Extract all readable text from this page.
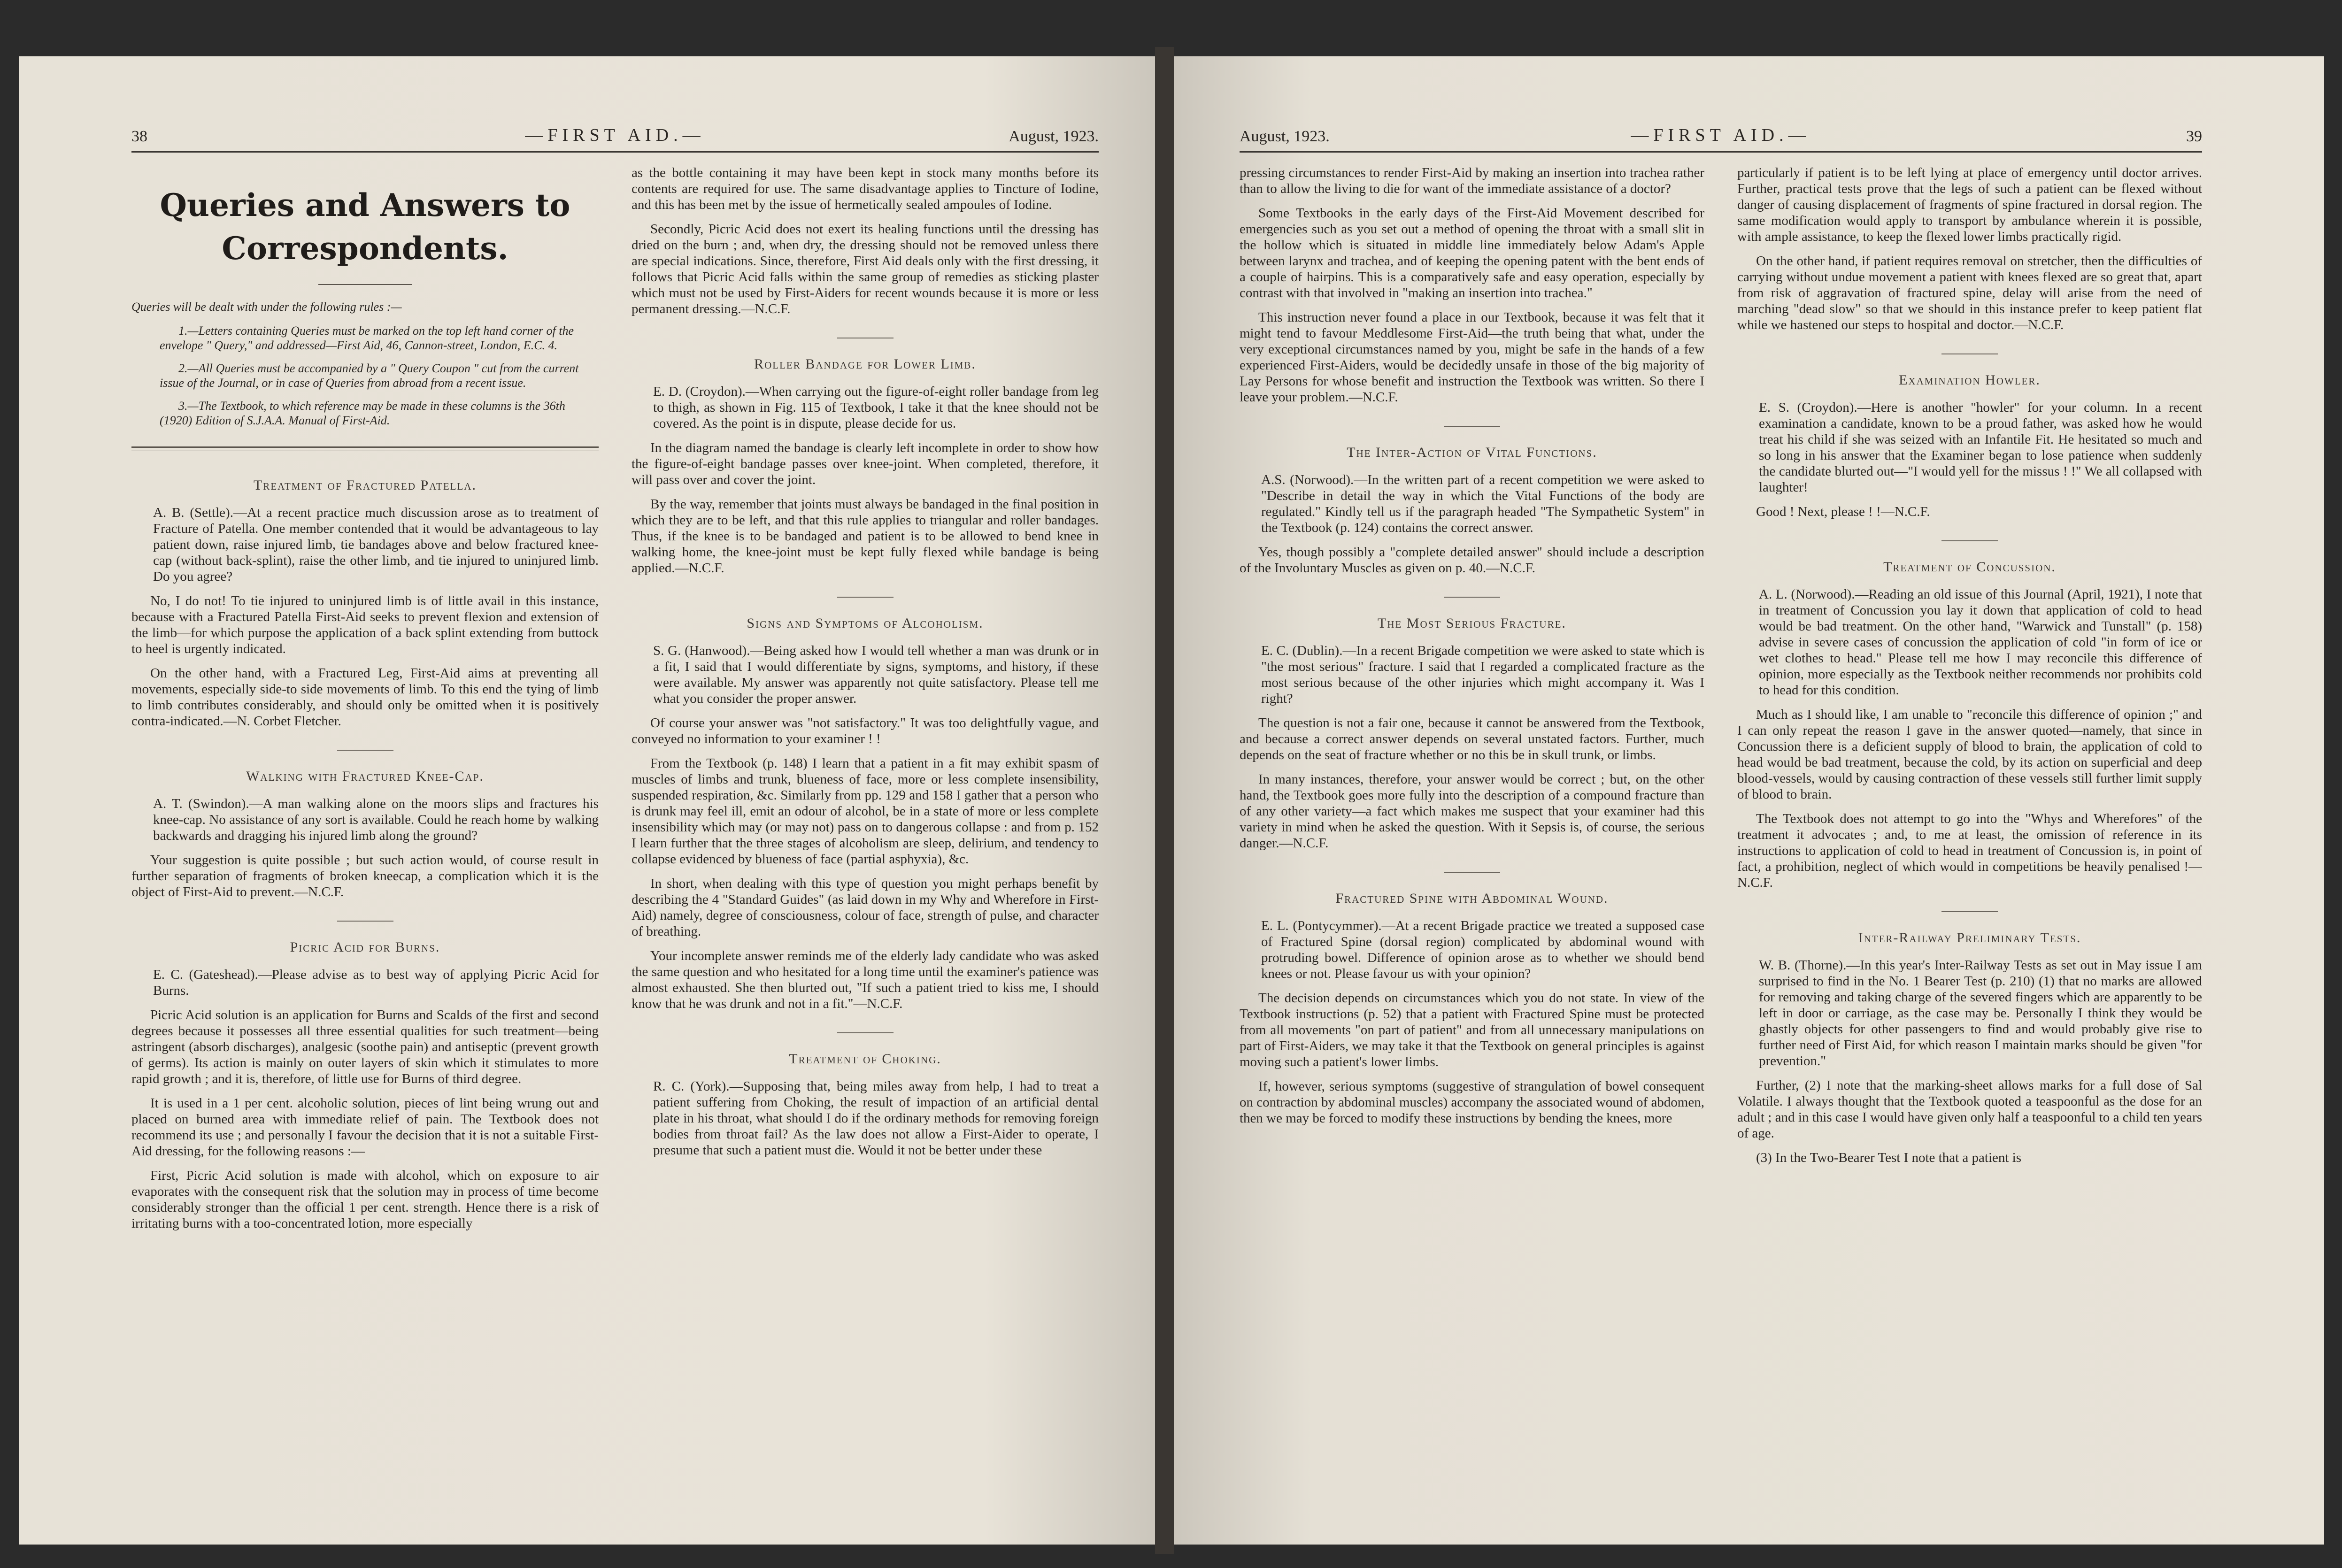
38	—FIRST AID.—	August, 1923.
Queries and Answers to Correspondents.

Queries will be dealt with under the following rules :—

1.—Letters containing Queries must be marked on the top left hand corner of the envelope " Query," and addressed—First Aid, 46, Cannon-street, London, E.C. 4.

2.—All Queries must be accompanied by a " Query Coupon " cut from the current issue of the Journal, or in case of Queries from abroad from a recent issue.

3.—The Textbook, to which reference may be made in these columns is the 36th (1920) Edition of S.J.A.A. Manual of First-Aid.

Treatment of Fractured Patella.

A. B. (Settle).—At a recent practice much discussion arose as to treatment of Fracture of Patella. One member contended that it would be advantageous to lay patient down, raise injured limb, tie bandages above and below fractured knee-cap (without back-splint), raise the other limb, and tie injured to uninjured limb. Do you agree?

No, I do not! To tie injured to uninjured limb is of little avail in this instance, because with a Fractured Patella First-Aid seeks to prevent flexion and extension of the limb—for which purpose the application of a back splint extending from buttock to heel is urgently indicated.

On the other hand, with a Fractured Leg, First-Aid aims at preventing all movements, especially side-to side movements of limb. To this end the tying of limb to limb contributes considerably, and should only be omitted when it is positively contra-indicated.—N. Corbet Fletcher.

Walking with Fractured Knee-Cap.

A. T. (Swindon).—A man walking alone on the moors slips and fractures his knee-cap. No assistance of any sort is available. Could he reach home by walking backwards and dragging his injured limb along the ground?

Your suggestion is quite possible ; but such action would, of course result in further separation of fragments of broken kneecap, a complication which it is the object of First-Aid to prevent.—N.C.F.

Picric Acid for Burns.

E. C. (Gateshead).—Please advise as to best way of applying Picric Acid for Burns.

Picric Acid solution is an application for Burns and Scalds of the first and second degrees because it possesses all three essential qualities for such treatment—being astringent (absorb discharges), analgesic (soothe pain) and antiseptic (prevent growth of germs). Its action is mainly on outer layers of skin which it stimulates to more rapid growth ; and it is, therefore, of little use for Burns of third degree.

It is used in a 1 per cent. alcoholic solution, pieces of lint being wrung out and placed on burned area with immediate relief of pain. The Textbook does not recommend its use ; and personally I favour the decision that it is not a suitable First-Aid dressing, for the following reasons :—

First, Picric Acid solution is made with alcohol, which on exposure to air evaporates with the consequent risk that the solution may in process of time become considerably stronger than the official 1 per cent. strength. Hence there is a risk of irritating burns with a too-concentrated lotion, more especially

as the bottle containing it may have been kept in stock many months before its contents are required for use. The same disadvantage applies to Tincture of Iodine, and this has been met by the issue of hermetically sealed ampoules of Iodine.

Secondly, Picric Acid does not exert its healing functions until the dressing has dried on the burn ; and, when dry, the dressing should not be removed unless there are special indications. Since, therefore, First Aid deals only with the first dressing, it follows that Picric Acid falls within the same group of remedies as sticking plaster which must not be used by First-Aiders for recent wounds because it is more or less permanent dressing.—N.C.F.

Roller Bandage for Lower Limb.

E. D. (Croydon).—When carrying out the figure-of-eight roller bandage from leg to thigh, as shown in Fig. 115 of Textbook, I take it that the knee should not be covered. As the point is in dispute, please decide for us.

In the diagram named the bandage is clearly left incomplete in order to show how the figure-of-eight bandage passes over knee-joint. When completed, therefore, it will pass over and cover the joint.

By the way, remember that joints must always be bandaged in the final position in which they are to be left, and that this rule applies to triangular and roller bandages. Thus, if the knee is to be bandaged and patient is to be allowed to bend knee in walking home, the knee-joint must be kept fully flexed while bandage is being applied.—N.C.F.

Signs and Symptoms of Alcoholism.

S. G. (Hanwood).—Being asked how I would tell whether a man was drunk or in a fit, I said that I would differentiate by signs, symptoms, and history, if these were available. My answer was apparently not quite satisfactory. Please tell me what you consider the proper answer.

Of course your answer was "not satisfactory." It was too delightfully vague, and conveyed no information to your examiner ! !

From the Textbook (p. 148) I learn that a patient in a fit may exhibit spasm of muscles of limbs and trunk, blueness of face, more or less complete insensibility, suspended respiration, &c. Similarly from pp. 129 and 158 I gather that a person who is drunk may feel ill, emit an odour of alcohol, be in a state of more or less complete insensibility which may (or may not) pass on to dangerous collapse : and from p. 152 I learn further that the three stages of alcoholism are sleep, delirium, and tendency to collapse evidenced by blueness of face (partial asphyxia), &c.

In short, when dealing with this type of question you might perhaps benefit by describing the 4 "Standard Guides" (as laid down in my Why and Wherefore in First-Aid) namely, degree of consciousness, colour of face, strength of pulse, and character of breathing.

Your incomplete answer reminds me of the elderly lady candidate who was asked the same question and who hesitated for a long time until the examiner's patience was almost exhausted. She then blurted out, "If such a patient tried to kiss me, I should know that he was drunk and not in a fit."—N.C.F.

Treatment of Choking.

R. C. (York).—Supposing that, being miles away from help, I had to treat a patient suffering from Choking, the result of impaction of an artificial dental plate in his throat, what should I do if the ordinary methods for removing foreign bodies from throat fail? As the law does not allow a First-Aider to operate, I presume that such a patient must die. Would it not be better under these

August, 1923.	—FIRST AID.—	39

pressing circumstances to render First-Aid by making an insertion into trachea rather than to allow the living to die for want of the immediate assistance of a doctor?

Some Textbooks in the early days of the First-Aid Movement described for emergencies such as you set out a method of opening the throat with a small slit in the hollow which is situated in middle line immediately below Adam's Apple between larynx and trachea, and of keeping the opening patent with the bent ends of a couple of hairpins. This is a comparatively safe and easy operation, especially by contrast with that involved in "making an insertion into trachea."

This instruction never found a place in our Textbook, because it was felt that it might tend to favour Meddlesome First-Aid—the truth being that what, under the very exceptional circumstances named by you, might be safe in the hands of a few experienced First-Aiders, would be decidedly unsafe in those of the big majority of Lay Persons for whose benefit and instruction the Textbook was written. So there I leave your problem.—N.C.F.

The Inter-Action of Vital Functions.

A.S. (Norwood).—In the written part of a recent competition we were asked to "Describe in detail the way in which the Vital Functions of the body are regulated." Kindly tell us if the paragraph headed "The Sympathetic System" in the Textbook (p. 124) contains the correct answer.

Yes, though possibly a "complete detailed answer" should include a description of the Involuntary Muscles as given on p. 40.—N.C.F.

The Most Serious Fracture.

E. C. (Dublin).—In a recent Brigade competition we were asked to state which is "the most serious" fracture. I said that I regarded a complicated fracture as the most serious because of the other injuries which might accompany it. Was I right?

The question is not a fair one, because it cannot be answered from the Textbook, and because a correct answer depends on several unstated factors. Further, much depends on the seat of fracture whether or no this be in skull trunk, or limbs.

In many instances, therefore, your answer would be correct ; but, on the other hand, the Textbook goes more fully into the description of a compound fracture than of any other variety—a fact which makes me suspect that your examiner had this variety in mind when he asked the question. With it Sepsis is, of course, the serious danger.—N.C.F.

Fractured Spine with Abdominal Wound.

E. L. (Pontycymmer).—At a recent Brigade practice we treated a supposed case of Fractured Spine (dorsal region) complicated by abdominal wound with protruding bowel. Difference of opinion arose as to whether we should bend knees or not. Please favour us with your opinion?

The decision depends on circumstances which you do not state. In view of the Textbook instructions (p. 52) that a patient with Fractured Spine must be protected from all movements "on part of patient" and from all unnecessary manipulations on part of First-Aiders, we may take it that the Textbook on general principles is against moving such a patient's lower limbs.

If, however, serious symptoms (suggestive of strangulation of bowel consequent on contraction by abdominal muscles) accompany the associated wound of abdomen, then we may be forced to modify these instructions by bending the knees, more

particularly if patient is to be left lying at place of emergency until doctor arrives. Further, practical tests prove that the legs of such a patient can be flexed without danger of causing displacement of fragments of spine fractured in dorsal region. The same modification would apply to transport by ambulance wherein it is possible, with ample assistance, to keep the flexed lower limbs practically rigid.

On the other hand, if patient requires removal on stretcher, then the difficulties of carrying without undue movement a patient with knees flexed are so great that, apart from risk of aggravation of fractured spine, delay will arise from the need of marching "dead slow" so that we should in this instance prefer to keep patient flat while we hastened our steps to hospital and doctor.—N.C.F.

Examination Howler.

E. S. (Croydon).—Here is another "howler" for your column. In a recent examination a candidate, known to be a proud father, was asked how he would treat his child if she was seized with an Infantile Fit. He hesitated so much and so long in his answer that the Examiner began to lose patience when suddenly the candidate blurted out—"I would yell for the missus ! !" We all collapsed with laughter!

Good ! Next, please ! !—N.C.F.

Treatment of Concussion.

A. L. (Norwood).—Reading an old issue of this Journal (April, 1921), I note that in treatment of Concussion you lay it down that application of cold to head would be bad treatment. On the other hand, "Warwick and Tunstall" (p. 158) advise in severe cases of concussion the application of cold "in form of ice or wet clothes to head." Please tell me how I may reconcile this difference of opinion, more especially as the Textbook neither recommends nor prohibits cold to head for this condition.

Much as I should like, I am unable to "reconcile this difference of opinion ;" and I can only repeat the reason I gave in the answer quoted—namely, that since in Concussion there is a deficient supply of blood to brain, the application of cold to head would be bad treatment, because the cold, by its action on superficial and deep blood-vessels, would by causing contraction of these vessels still further limit supply of blood to brain.

The Textbook does not attempt to go into the "Whys and Wherefores" of the treatment it advocates ; and, to me at least, the omission of reference in its instructions to application of cold to head in treatment of Concussion is, in point of fact, a prohibition, neglect of which would in competitions be heavily penalised !—N.C.F.

Inter-Railway Preliminary Tests.

W. B. (Thorne).—In this year's Inter-Railway Tests as set out in May issue I am surprised to find in the No. 1 Bearer Test (p. 210) (1) that no marks are allowed for removing and taking charge of the severed fingers which are apparently to be left in door or carriage, as the case may be. Personally I think they would be ghastly objects for other passengers to find and would probably give rise to further need of First Aid, for which reason I maintain marks should be given "for prevention."

Further, (2) I note that the marking-sheet allows marks for a full dose of Sal Volatile. I always thought that the Textbook quoted a teaspoonful as the dose for an adult ; and in this case I would have given only half a teaspoonful to a child ten years of age.

(3) In the Two-Bearer Test I note that a patient is
